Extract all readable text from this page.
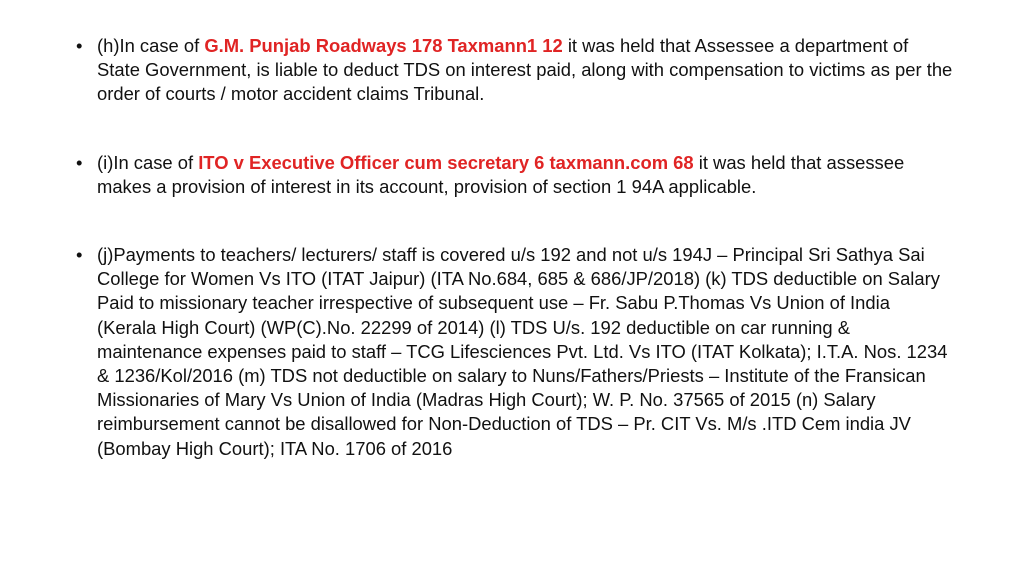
• (h)In case of G.M. Punjab Roadways 178 Taxmann1 12 it was held that Assessee a department of State Government, is liable to deduct TDS on interest paid, along with compensation to victims as per the order of courts / motor accident claims Tribunal.
• (i)In case of ITO v Executive Officer cum secretary 6 taxmann.com 68 it was held that assessee makes a provision of interest in its account, provision of section 1 94A applicable.
• (j)Payments to teachers/ lecturers/ staff is covered u/s 192 and not u/s 194J – Principal Sri Sathya Sai College for Women Vs ITO (ITAT Jaipur) (ITA No.684, 685 & 686/JP/2018) (k) TDS deductible on Salary Paid to missionary teacher irrespective of subsequent use – Fr. Sabu P.Thomas Vs Union of India (Kerala High Court) (WP(C).No. 22299 of 2014) (l) TDS U/s. 192 deductible on car running & maintenance expenses paid to staff – TCG Lifesciences Pvt. Ltd. Vs ITO (ITAT Kolkata); I.T.A. Nos. 1234 & 1236/Kol/2016 (m) TDS not deductible on salary to Nuns/Fathers/Priests – Institute of the Fransican Missionaries of Mary Vs Union of India (Madras High Court); W. P. No. 37565 of 2015 (n) Salary reimbursement cannot be disallowed for Non-Deduction of TDS – Pr. CIT Vs. M/s .ITD Cem india JV (Bombay High Court); ITA No. 1706 of 2016
